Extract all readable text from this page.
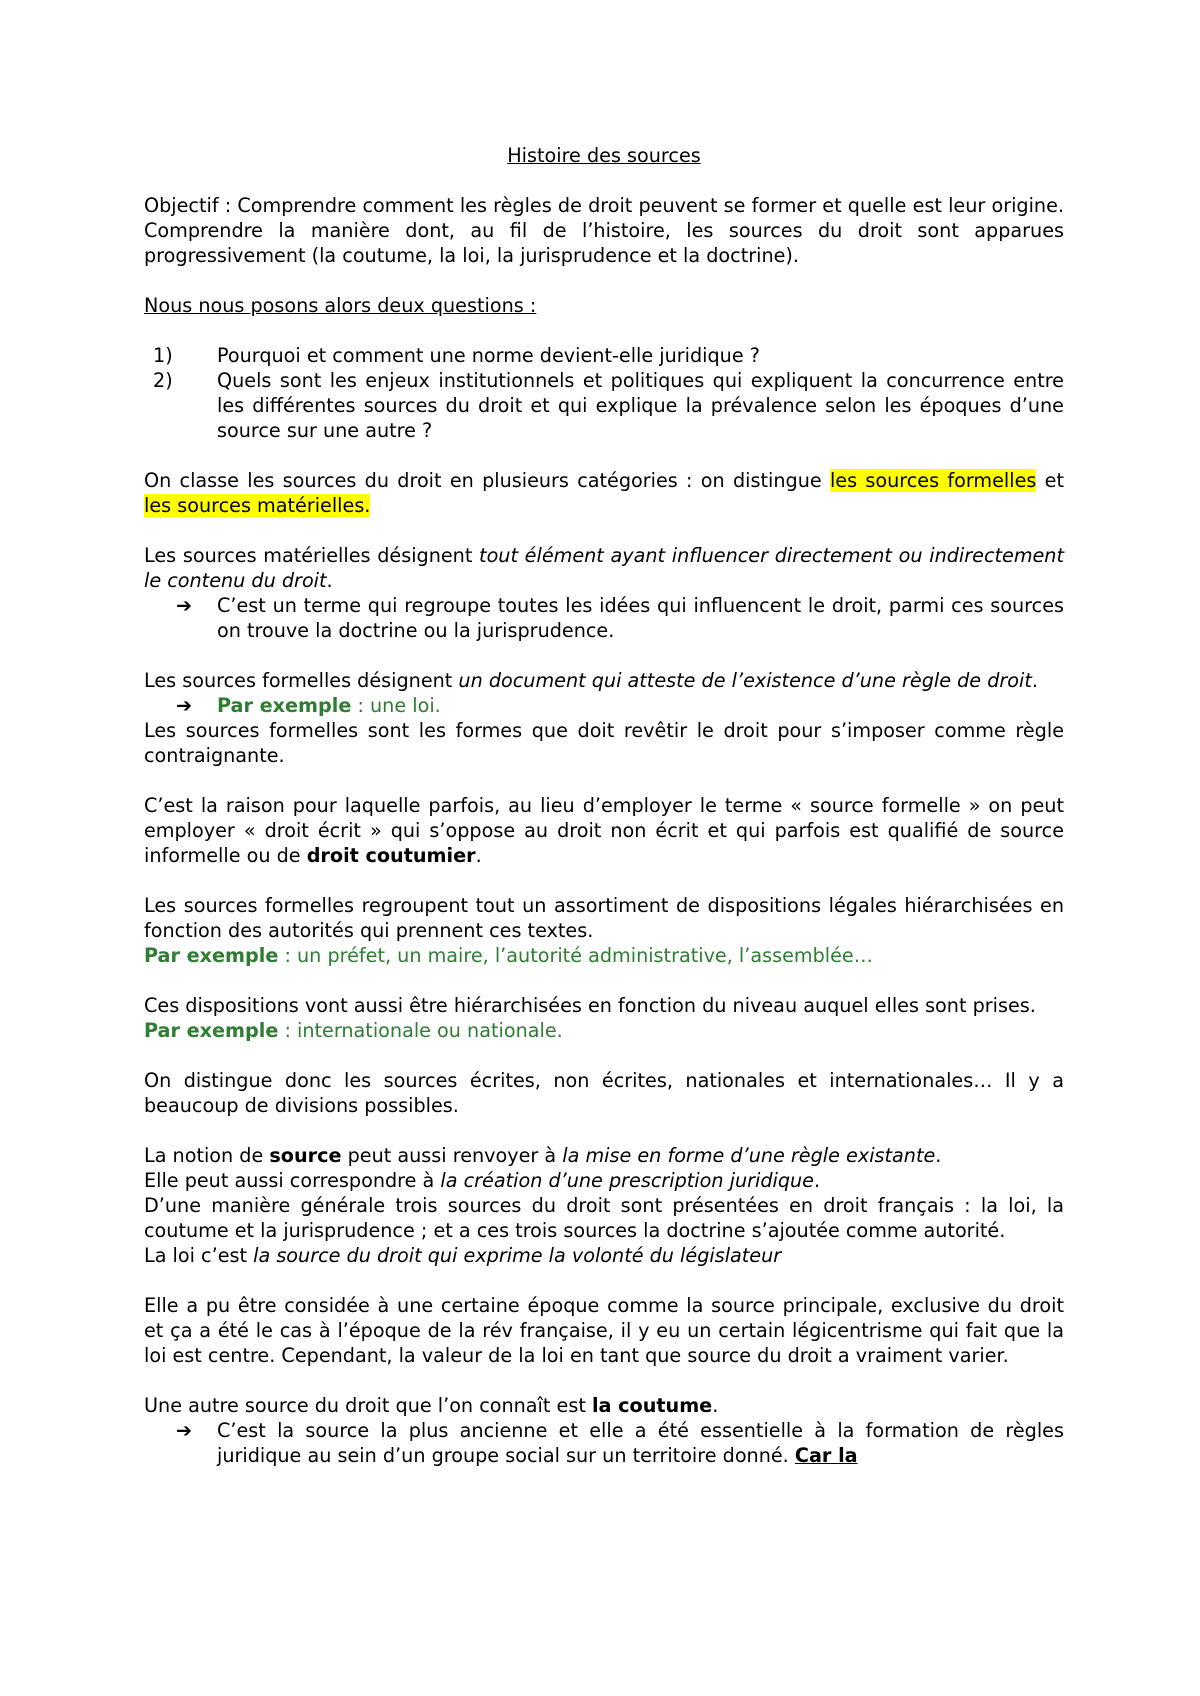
Histoire des sources

Objectif : Comprendre comment les règles de droit peuvent se former et quelle est leur origine. Comprendre la manière dont, au fil de l’histoire, les sources du droit sont apparues progressivement (la coutume, la loi, la jurisprudence et la doctrine).

Nous nous posons alors deux questions :

1) Pourquoi et comment une norme devient-elle juridique ?
2) Quels sont les enjeux institutionnels et politiques qui expliquent la concurrence entre les différentes sources du droit et qui explique la prévalence selon les époques d’une source sur une autre ?

On classe les sources du droit en plusieurs catégories : on distingue les sources formelles et les sources matérielles.

Les sources matérielles désignent tout élément ayant influencer directement ou indirectement le contenu du droit.

➔ C’est un terme qui regroupe toutes les idées qui influencent le droit, parmi ces sources on trouve la doctrine ou la jurisprudence.

Les sources formelles désignent un document qui atteste de l’existence d’une règle de droit.

➔ Par exemple : une loi.

Les sources formelles sont les formes que doit revêtir le droit pour s’imposer comme règle contraignante.

C’est la raison pour laquelle parfois, au lieu d’employer le terme « source formelle » on peut employer « droit écrit » qui s’oppose au droit non écrit et qui parfois est qualifié de source informelle ou de droit coutumier.

Les sources formelles regroupent tout un assortiment de dispositions légales hiérarchisées en fonction des autorités qui prennent ces textes.

Par exemple : un préfet, un maire, l’autorité administrative, l’assemblée…

Ces dispositions vont aussi être hiérarchisées en fonction du niveau auquel elles sont prises.

Par exemple : internationale ou nationale.

On distingue donc les sources écrites, non écrites, nationales et internationales… Il y a beaucoup de divisions possibles.

La notion de source peut aussi renvoyer à la mise en forme d’une règle existante.

Elle peut aussi correspondre à la création d’une prescription juridique.

D’une manière générale trois sources du droit sont présentées en droit français : la loi, la coutume et la jurisprudence ; et a ces trois sources la doctrine s’ajoutée comme autorité.

La loi c’est la source du droit qui exprime la volonté du législateur

Elle a pu être considée à une certaine époque comme la source principale, exclusive du droit et ça a été le cas à l’époque de la rév française, il y eu un certain légicentrisme qui fait que la loi est centre. Cependant, la valeur de la loi en tant que source du droit a vraiment varier.

Une autre source du droit que l’on connaît est la coutume.

➔ C’est la source la plus ancienne et elle a été essentielle à la formation de règles juridique au sein d’un groupe social sur un territoire donné. Car la
